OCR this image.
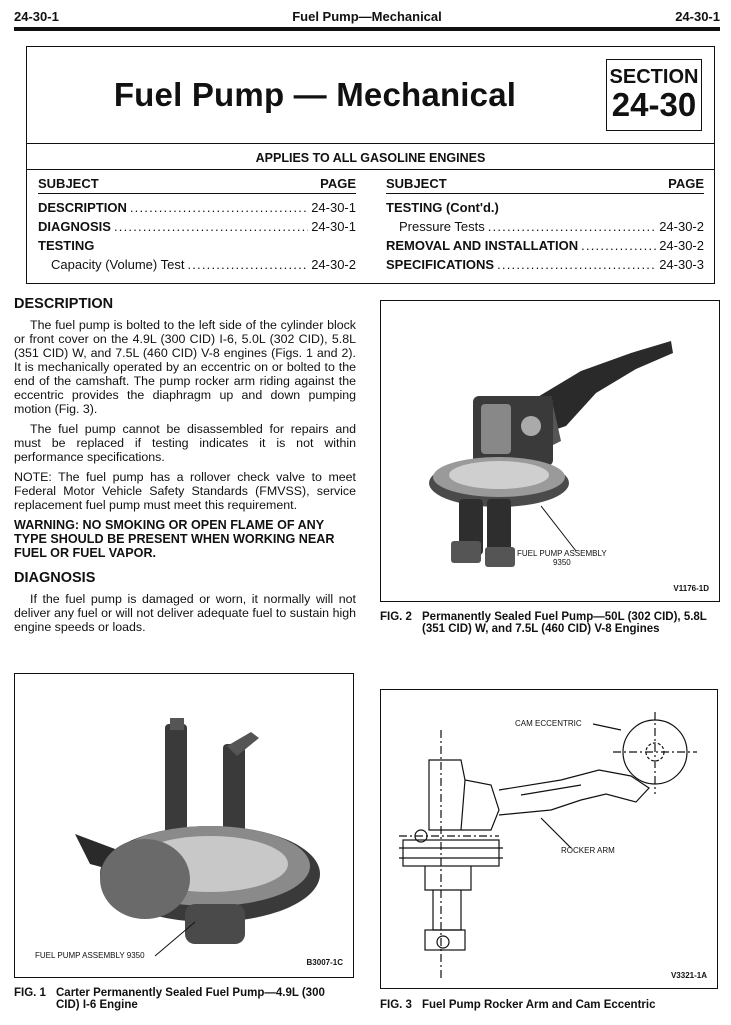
24-30-1	Fuel Pump—Mechanical	24-30-1
Fuel Pump — Mechanical	SECTION
24-30
APPLIES TO ALL GASOLINE ENGINES
SUBJECT	PAGE
DESCRIPTION .....	24-30-1
DIAGNOSIS .....	24-30-1
TESTING
Capacity (Volume) Test .....	24-30-2
SUBJECT	PAGE
TESTING (Cont'd.)
Pressure Tests .....	24-30-2
REMOVAL AND INSTALLATION .....	24-30-2
SPECIFICATIONS .....	24-30-3
DESCRIPTION

The fuel pump is bolted to the left side of the cylinder block or front cover on the 4.9L (300 CID) I-6, 5.0L (302 CID), 5.8L (351 CID) W, and 7.5L (460 CID) V-8 engines (Figs. 1 and 2). It is mechanically operated by an eccentric on or bolted to the end of the camshaft. The pump rocker arm riding against the eccentric provides the diaphragm up and down pumping motion (Fig. 3).

The fuel pump cannot be disassembled for repairs and must be replaced if testing indicates it is not within performance specifications.

NOTE: The fuel pump has a rollover check valve to meet Federal Motor Vehicle Safety Standards (FMVSS), service replacement fuel pump must meet this requirement.

WARNING: NO SMOKING OR OPEN FLAME OF ANY TYPE SHOULD BE PRESENT WHEN WORKING NEAR FUEL OR FUEL VAPOR.

DIAGNOSIS

If the fuel pump is damaged or worn, it normally will not deliver any fuel or will not deliver adequate fuel to sustain high engine speeds or loads.

FUEL PUMP ASSEMBLY
9350
V1176-1D
FIG. 2 Permanently Sealed Fuel Pump—50L (302 CID), 5.8L (351 CID) W, and 7.5L (460 CID) V-8 Engines
FUEL PUMP ASSEMBLY 9350
B3007-1C
FIG. 1 Carter Permanently Sealed Fuel Pump—4.9L (300 CID) I-6 Engine
CAM ECCENTRIC
ROCKER ARM
V3321-1A
FIG. 3 Fuel Pump Rocker Arm and Cam Eccentric
